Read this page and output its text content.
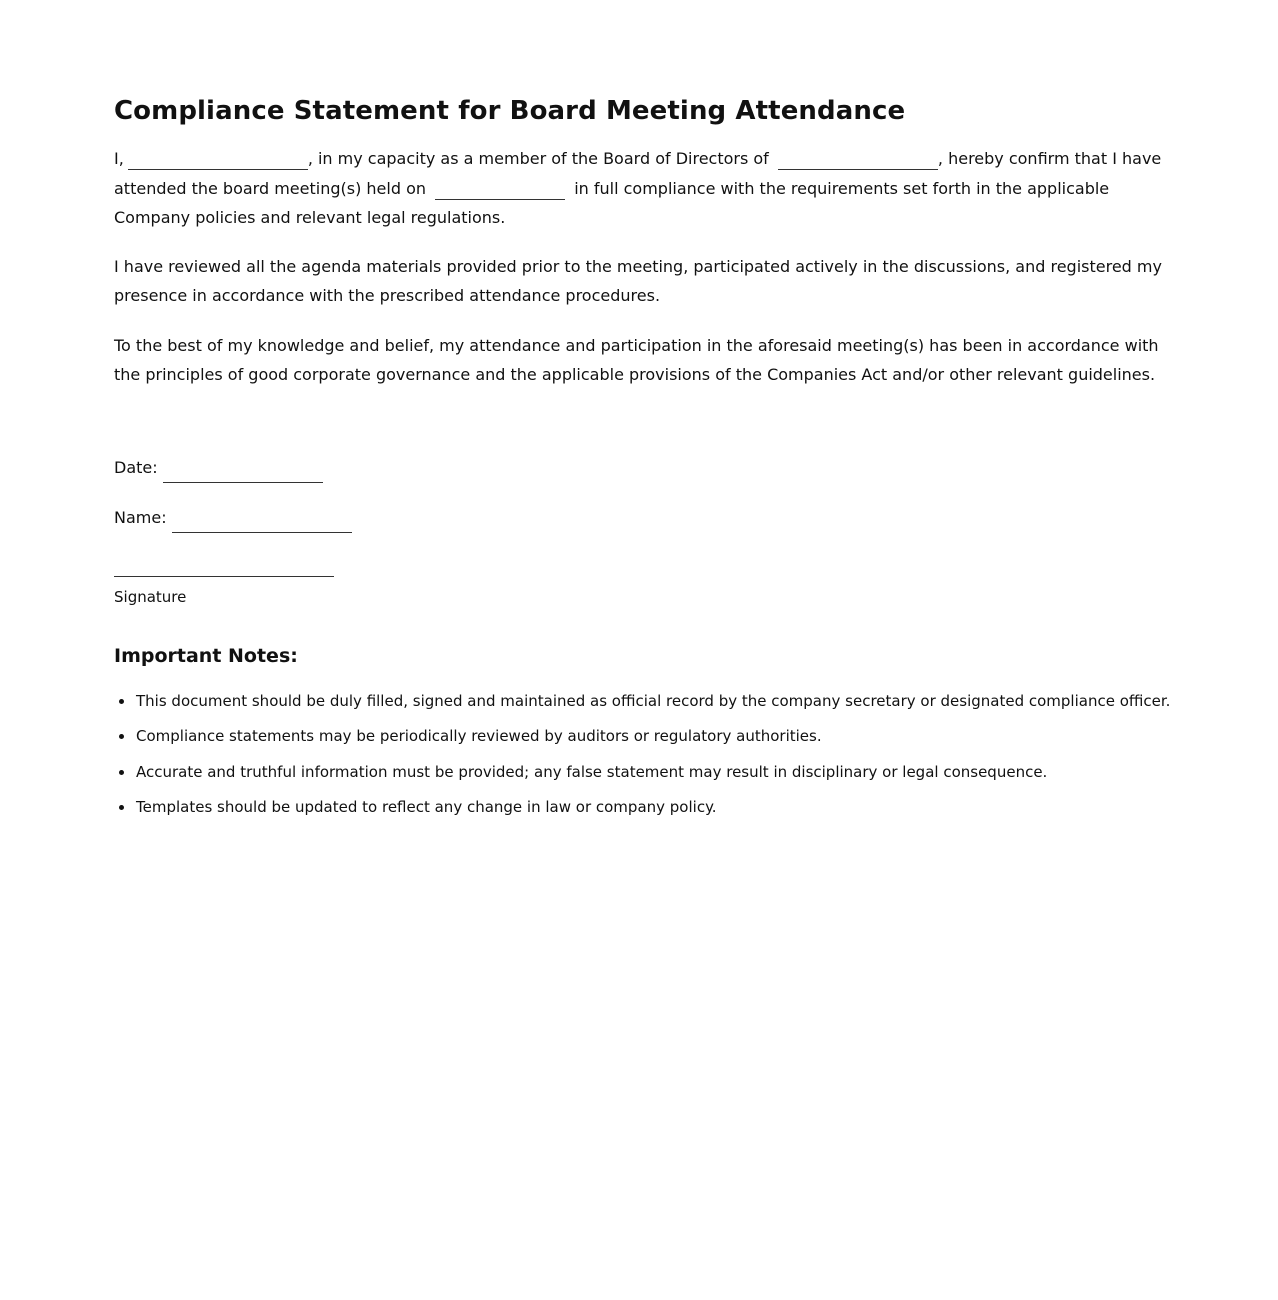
Compliance Statement for Board Meeting Attendance

I,	, in my capacity as a member of the Board of Directors of	, hereby confirm that I have attended the board meeting(s) held on	in full compliance with the requirements set forth in the applicable Company policies and relevant legal regulations.

I have reviewed all the agenda materials provided prior to the meeting, participated actively in the discussions, and registered my presence in accordance with the prescribed attendance procedures.

To the best of my knowledge and belief, my attendance and participation in the aforesaid meeting(s) has been in accordance with the principles of good corporate governance and the applicable provisions of the Companies Act and/or other relevant guidelines.

Date:
Name:
Signature
Important Notes:
This document should be duly filled, signed and maintained as official record by the company secretary or designated compliance officer.
Compliance statements may be periodically reviewed by auditors or regulatory authorities.
Accurate and truthful information must be provided; any false statement may result in disciplinary or legal consequence.
Templates should be updated to reflect any change in law or company policy.
